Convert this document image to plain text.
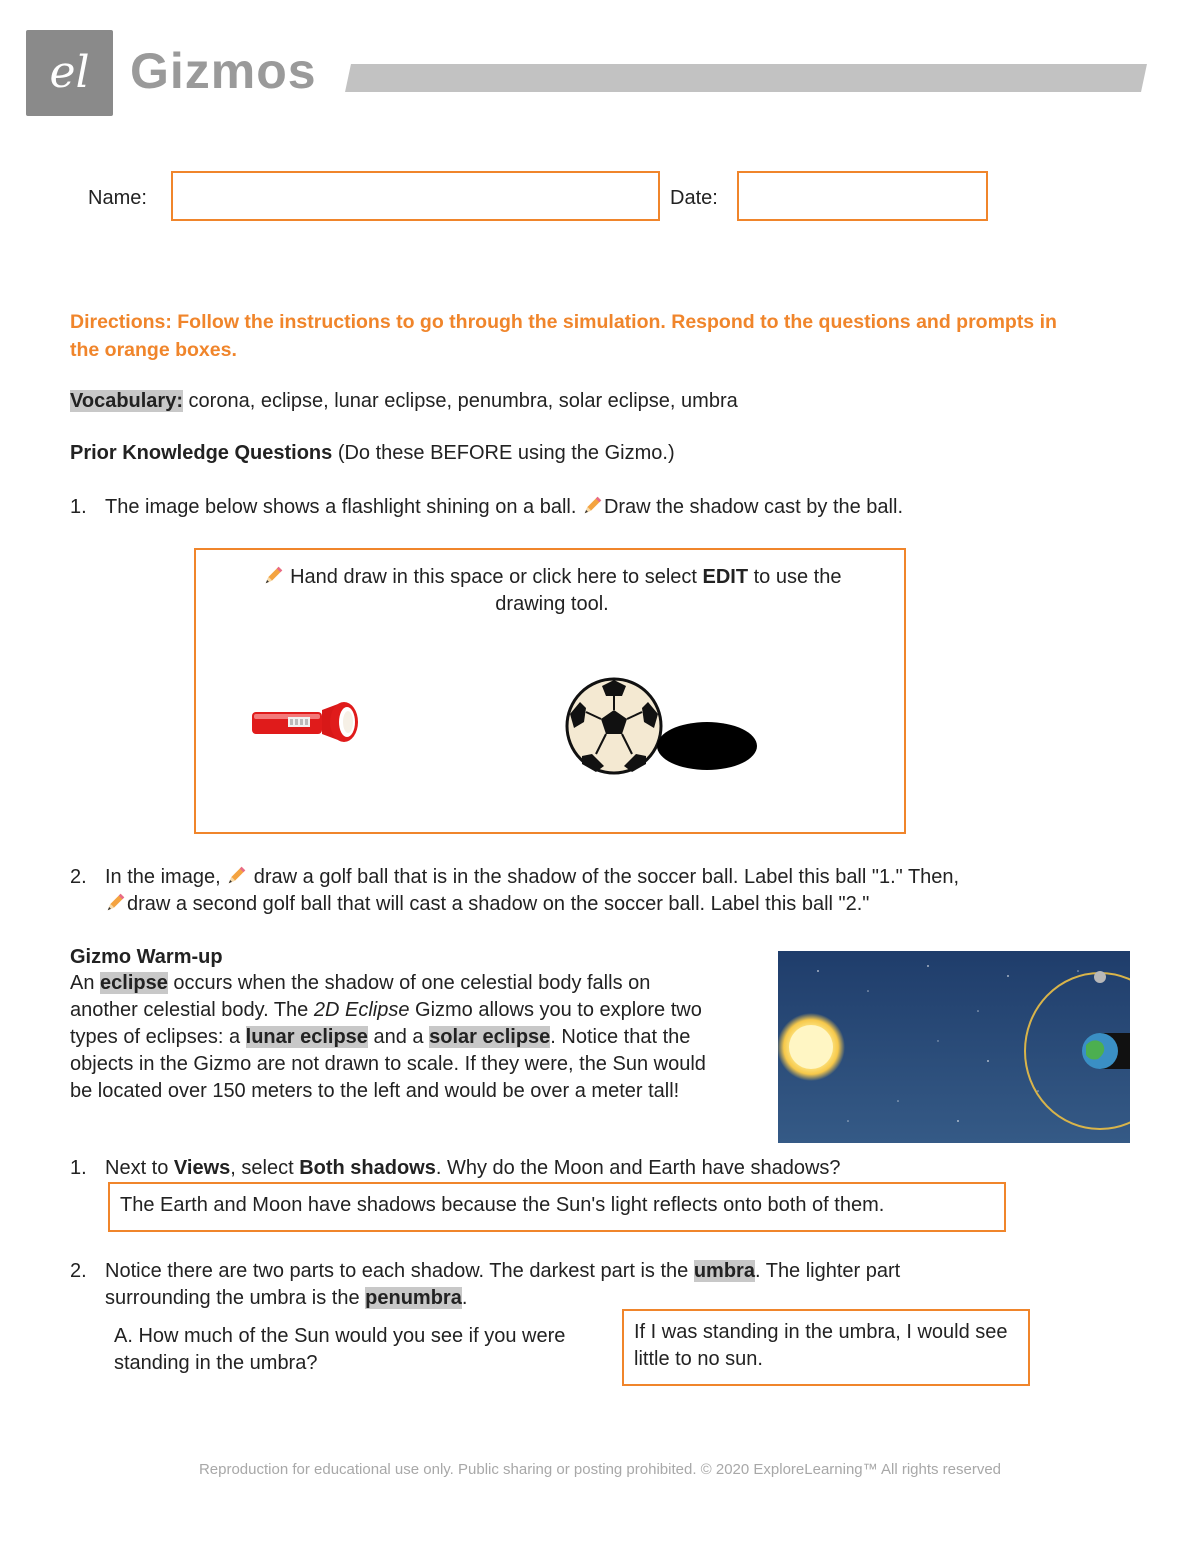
el Gizmos
Name:	Date:
Directions: Follow the instructions to go through the simulation. Respond to the questions and prompts in the orange boxes.
Vocabulary: corona, eclipse, lunar eclipse, penumbra, solar eclipse, umbra
Prior Knowledge Questions (Do these BEFORE using the Gizmo.)
1. The image below shows a flashlight shining on a ball. Draw the shadow cast by the ball.
Hand draw in this space or click here to select EDIT to use the
drawing tool.
2. In the image,  draw a golf ball that is in the shadow of the soccer ball. Label this ball "1." Then,
draw a second golf ball that will cast a shadow on the soccer ball. Label this ball "2."
Gizmo Warm-up
An eclipse occurs when the shadow of one celestial body falls on another celestial body. The 2D Eclipse Gizmo allows you to explore two types of eclipses: a lunar eclipse and a solar eclipse. Notice that the objects in the Gizmo are not drawn to scale. If they were, the Sun would be located over 150 meters to the left and would be over a meter tall!
1. Next to Views, select Both shadows. Why do the Moon and Earth have shadows?
The Earth and Moon have shadows because the Sun's light reflects onto both of them.
2. Notice there are two parts to each shadow. The darkest part is the umbra. The lighter part
surrounding the umbra is the penumbra.
A. How much of the Sun would you see if you were
standing in the umbra?
If I was standing in the umbra, I would see little to no sun.
Reproduction for educational use only. Public sharing or posting prohibited. © 2020 ExploreLearning™ All rights reserved
